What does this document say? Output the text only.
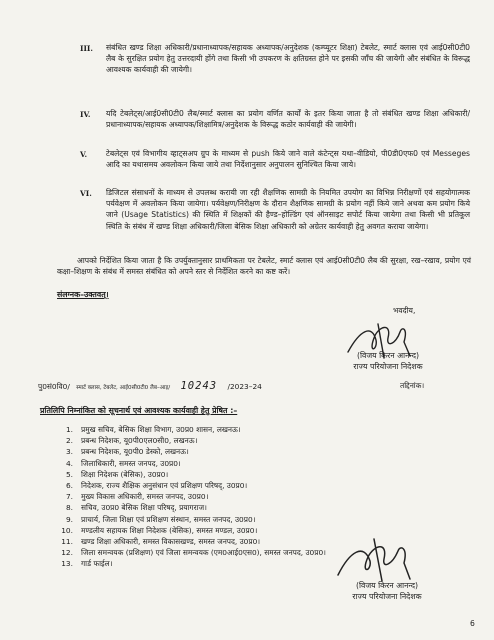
III.	संबंधित खण्ड शिक्षा अधिकारी/प्रधानाध्यापक/सहायक अध्यापक/अनुदेशक (कम्प्यूटर शिक्षा) टेबलेट, स्मार्ट क्लास एवं आई0सी0टी0 लैब के सुरक्षित प्रयोग हेतु उत्तरदायी होंगे तथा किसी भी उपकरण के क्षतिग्रस्त होने पर इसकी जाँच की जायेगी और संबंधित के विरूद्ध आवश्यक कार्यवाही की जायेगी।
IV.	यदि टेबलेट्स/आई0सी0टी0 लैब/स्मार्ट क्लास का प्रयोग वर्णित कार्यों के इतर किया जाता है तो संबंधित खण्ड शिक्षा अधिकारी/प्रधानाध्यापक/सहायक अध्यापक/शिक्षामित्र/अनुदेशक के विरूद्ध कठोर कार्यवाही की जायेगी।
V.	टेबलेट्स एवं विभागीय व्हाट्सअप ग्रुप के माध्यम से push किये जाने वाले कंटेन्ट्स यथा–वीडियो, पी0डी0एफ0 एवं Messeges आदि का यथासमय अवलोकन किया जाये तथा निर्देशानुसार अनुपालन सुनिश्चित किया जाये।
VI.	डिजिटल संसाधनों के माध्यम से उपलब्ध करायी जा रही शैक्षणिक सामग्री के नियमित उपयोग का विभिन्न निरीक्षणों एवं सहयोगात्मक पर्यवेक्षण में अवलोकन किया जायेगा। पर्यवेक्षण/निरीक्षण के दौरान शैक्षणिक सामग्री के प्रयोग नहीं किये जाने अथवा कम प्रयोग किये जाने (Usage Statistics) की स्थिति में शिक्षकों की हैण्ड–होल्डिंग एवं ऑनसाइट सपोर्ट किया जायेगा तथा किसी भी प्रतिकूल स्थिति के संबंध में खण्ड शिक्षा अधिकारी/जिला बेसिक शिक्षा अधिकारी को अग्रेतर कार्यवाही हेतु अवगत कराया जायेगा।
आपको निर्देशित किया जाता है कि उपर्युक्तानुसार प्राथमिकता पर टेबलेट, स्मार्ट क्लास एवं आई0सी0टी0 लैब की सुरक्षा, रख–रखाव, प्रयोग एवं कक्षा–शिक्षण के संबंध में समस्त संबंधित को अपने स्तर से निर्देशित करने का कष्ट करें।
संलग्नक–उक्तवत्।
भवदीय,
(विजय किरन आनन्द)
राज्य परियोजना निदेशक
पु0सं0वि0/ स्मार्ट क्लास, टेबलेट, आई0सी0टी0 लैब–आइ/ 10243 /2023–24	तद्दिनांक।
प्रतिलिपि निम्नांकित को सूचनार्थ एवं आवश्यक कार्यवाही हेतु प्रेषित :–
1. प्रमुख सचिव, बेसिक शिक्षा विभाग, उ0प्र0 शासन, लखनऊ।
2. प्रबन्ध निदेशक, यू0पी0एल0सी0, लखनऊ।
3. प्रबन्ध निदेशक, यू0पी0 डेस्को, लखनऊ।
4. जिलाधिकारी, समस्त जनपद, उ0प्र0।
5. शिक्षा निदेशक (बेसिक), उ0प्र0।
6. निदेशक, राज्य शैक्षिक अनुसंधान एवं प्रशिक्षण परिषद्, उ0प्र0।
7. मुख्य विकास अधिकारी, समस्त जनपद, उ0प्र0।
8. सचिव, उ0प्र0 बेसिक शिक्षा परिषद्, प्रयागराज।
9. प्राचार्य, जिला शिक्षा एवं प्रशिक्षण संस्थान, समस्त जनपद, उ0प्र0।
10. मण्डलीय सहायक शिक्षा निदेशक (बेसिक), समस्त मण्डल, उ0प्र0।
11. खण्ड शिक्षा अधिकारी, समस्त विकासखण्ड, समस्त जनपद, उ0प्र0।
12. जिला समन्वयक (प्रशिक्षण) एवं जिला समन्वयक (एम0आई0एस0), समस्त जनपद, उ0प्र0।
13. गार्ड फाईल।
(विजय किरन आनन्द)
राज्य परियोजना निदेशक
6
